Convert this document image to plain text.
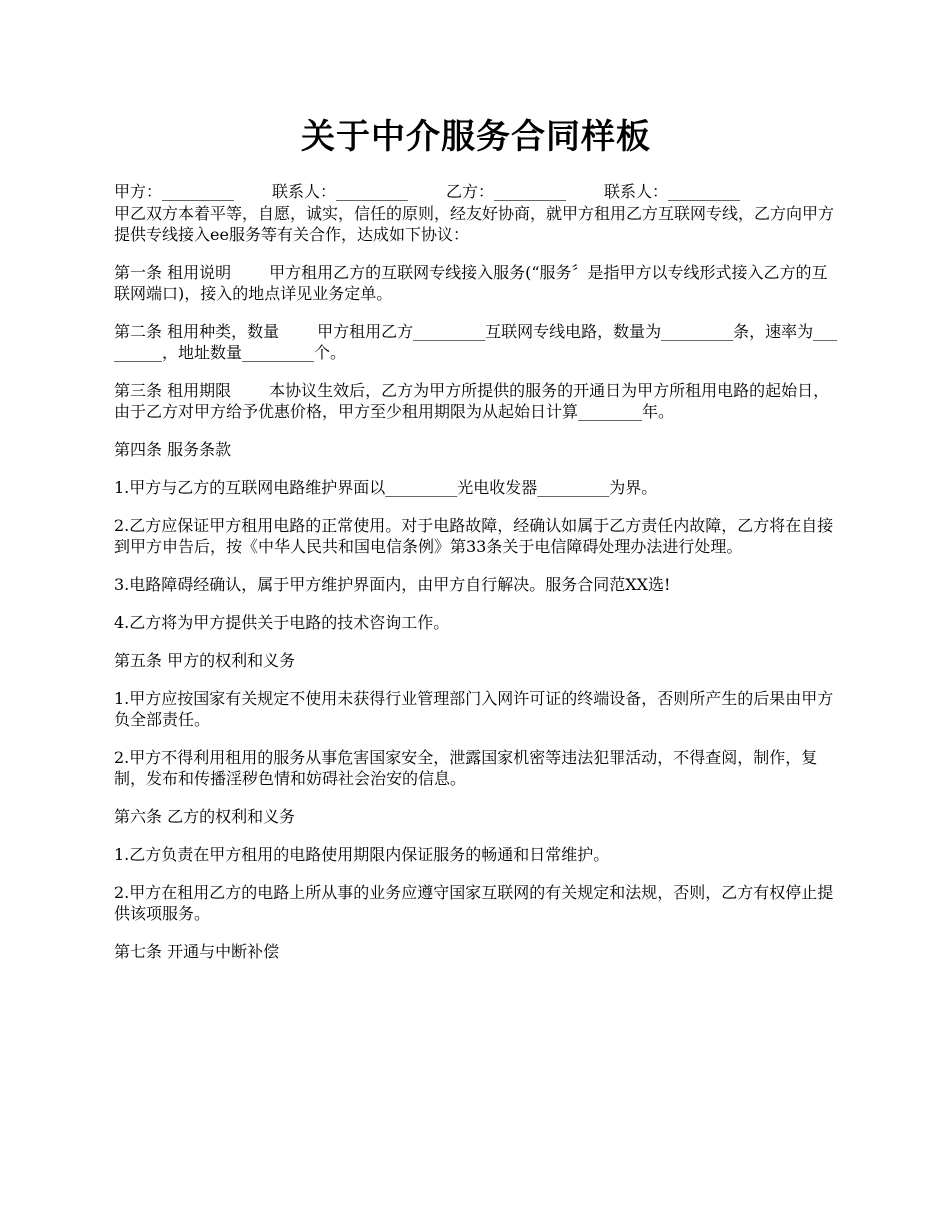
关于中介服务合同样板
甲方：_________ 联系人：_________ 乙方：_________ 联系人：_________

甲乙双方本着平等，自愿，诚实，信任的原则，经友好协商，就甲方租用乙方互联网专线，乙方向甲方提供专线接入ee服务等有关合作，达成如下协议：

第一条 租用说明 甲方租用乙方的互联网专线接入服务(“服务〞是指甲方以专线形式接入乙方的互联网端口)，接入的地点详见业务定单。

第二条 租用种类，数量 甲方租用乙方_________互联网专线电路，数量为_________条，速率为_________，地址数量_________个。

第三条 租用期限 本协议生效后，乙方为甲方所提供的服务的开通日为甲方所租用电路的起始日，由于乙方对甲方给予优惠价格，甲方至少租用期限为从起始日计算________年。

第四条 服务条款

1.甲方与乙方的互联网电路维护界面以_________光电收发器_________为界。

2.乙方应保证甲方租用电路的正常使用。对于电路故障，经确认如属于乙方责任内故障，乙方将在自接到甲方申告后，按《中华人民共和国电信条例》第33条关于电信障碍处理办法进行处理。

3.电路障碍经确认，属于甲方维护界面内，由甲方自行解决。服务合同范XX选!

4.乙方将为甲方提供关于电路的技术咨询工作。

第五条 甲方的权利和义务

1.甲方应按国家有关规定不使用未获得行业管理部门入网许可证的终端设备，否则所产生的后果由甲方负全部责任。

2.甲方不得利用租用的服务从事危害国家安全，泄露国家机密等违法犯罪活动，不得查阅，制作，复制，发布和传播淫秽色情和妨碍社会治安的信息。

第六条 乙方的权利和义务

1.乙方负责在甲方租用的电路使用期限内保证服务的畅通和日常维护。

2.甲方在租用乙方的电路上所从事的业务应遵守国家互联网的有关规定和法规，否则，乙方有权停止提供该项服务。

第七条 开通与中断补偿
